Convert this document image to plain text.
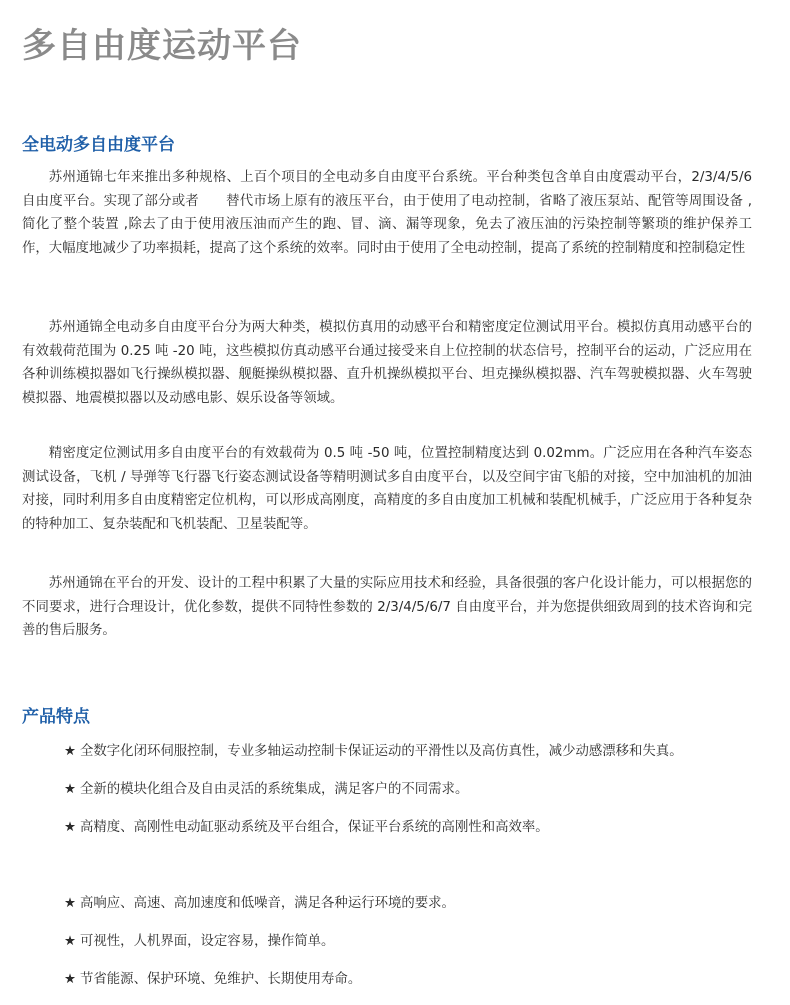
多自由度运动平台
全电动多自由度平台

苏州通锦七年来推出多种规格、上百个项目的全电动多自由度平台系统。平台种类包含单自由度震动平台，2/3/4/5/6 自由度平台。实现了部分或者　　替代市场上原有的液压平台，由于使用了电动控制，省略了液压泵站、配管等周围设备 ,简化了整个装置 ,除去了由于使用液压油而产生的跑、冒、滴、漏等现象，免去了液压油的污染控制等繁琐的维护保养工作，大幅度地减少了功率损耗，提高了这个系统的效率。同时由于使用了全电动控制，提高了系统的控制精度和控制稳定性

苏州通锦全电动多自由度平台分为两大种类，模拟仿真用的动感平台和精密度定位测试用平台。模拟仿真用动感平台的有效载荷范围为 0.25 吨 -20 吨，这些模拟仿真动感平台通过接受来自上位控制的状态信号，控制平台的运动，广泛应用在各种训练模拟器如飞行操纵模拟器、舰艇操纵模拟器、直升机操纵模拟平台、坦克操纵模拟器、汽车驾驶模拟器、火车驾驶模拟器、地震模拟器以及动感电影、娱乐设备等领域。

精密度定位测试用多自由度平台的有效载荷为 0.5 吨 -50 吨，位置控制精度达到 0.02mm。广泛应用在各种汽车姿态测试设备，飞机 / 导弹等飞行器飞行姿态测试设备等精明测试多自由度平台，以及空间宇宙飞船的对接，空中加油机的加油对接，同时利用多自由度精密定位机构，可以形成高刚度，高精度的多自由度加工机械和装配机械手，广泛应用于各种复杂的特种加工、复杂装配和飞机装配、卫星装配等。

苏州通锦在平台的开发、设计的工程中积累了大量的实际应用技术和经验，具备很强的客户化设计能力，可以根据您的不同要求，进行合理设计，优化参数，提供不同特性参数的 2/3/4/5/6/7 自由度平台，并为您提供细致周到的技术咨询和完善的售后服务。

产品特点
★ 全数字化闭环伺服控制，专业多轴运动控制卡保证运动的平滑性以及高仿真性，减少动感漂移和失真。
★ 全新的模块化组合及自由灵活的系统集成，满足客户的不同需求。
★ 高精度、高刚性电动缸驱动系统及平台组合，保证平台系统的高刚性和高效率。
★ 高响应、高速、高加速度和低噪音，满足各种运行环境的要求。
★ 可视性，人机界面，设定容易，操作简单。
★ 节省能源、保护环境、免维护、长期使用寿命。
